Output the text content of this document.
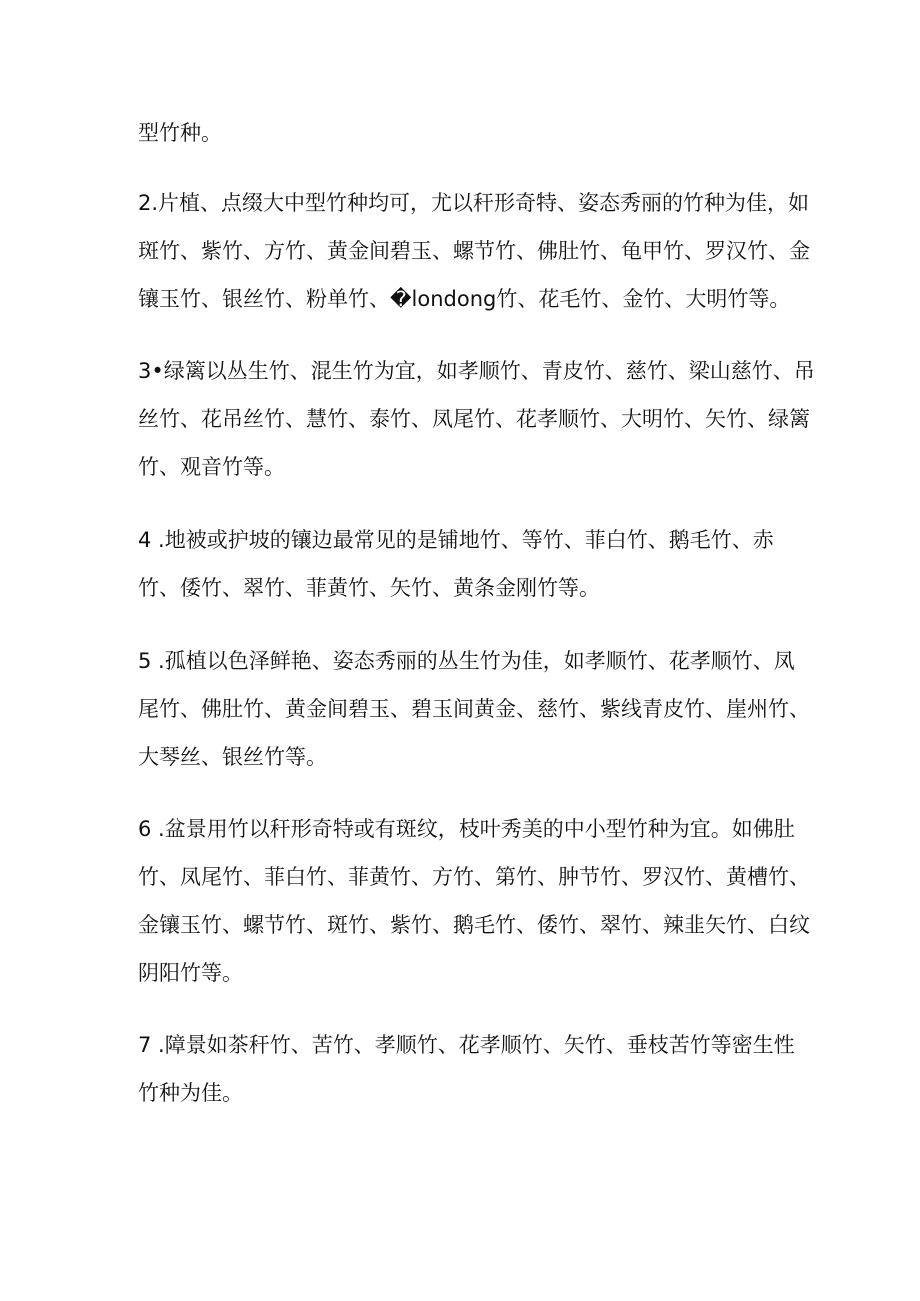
型竹种。
2.片植、点缀大中型竹种均可，尤以秆形奇特、姿态秀丽的竹种为佳，如
斑竹、紫竹、方竹、黄金间碧玉、螺节竹、佛肚竹、龟甲竹、罗汉竹、金
镶玉竹、银丝竹、粉单竹、�londong竹、花毛竹、金竹、大明竹等。
3•绿篱以丛生竹、混生竹为宜，如孝顺竹、青皮竹、慈竹、梁山慈竹、吊
丝竹、花吊丝竹、慧竹、泰竹、凤尾竹、花孝顺竹、大明竹、矢竹、绿篱
竹、观音竹等。
4 .地被或护坡的镶边最常见的是铺地竹、等竹、菲白竹、鹅毛竹、赤
竹、倭竹、翠竹、菲黄竹、矢竹、黄条金刚竹等。
5 .孤植以色泽鲜艳、姿态秀丽的丛生竹为佳，如孝顺竹、花孝顺竹、凤
尾竹、佛肚竹、黄金间碧玉、碧玉间黄金、慈竹、紫线青皮竹、崖州竹、
大琴丝、银丝竹等。
6 .盆景用竹以秆形奇特或有斑纹，枝叶秀美的中小型竹种为宜。如佛肚
竹、凤尾竹、菲白竹、菲黄竹、方竹、第竹、肿节竹、罗汉竹、黄槽竹、
金镶玉竹、螺节竹、斑竹、紫竹、鹅毛竹、倭竹、翠竹、辣韭矢竹、白纹
阴阳竹等。
7 .障景如茶秆竹、苦竹、孝顺竹、花孝顺竹、矢竹、垂枝苦竹等密生性
竹种为佳。
